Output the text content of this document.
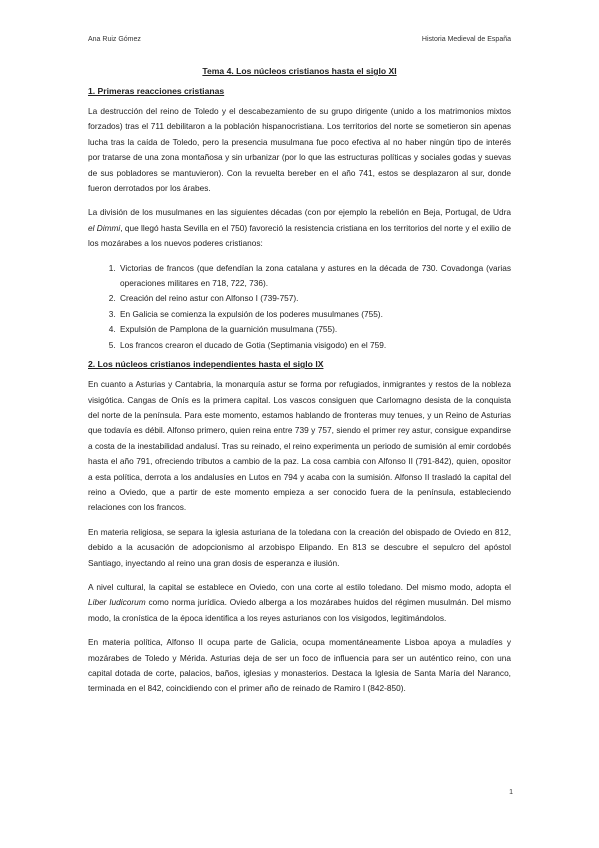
Ana Ruiz Gómez	Historia Medieval de España
Tema 4. Los núcleos cristianos hasta el siglo XI
1. Primeras reacciones cristianas

La destrucción del reino de Toledo y el descabezamiento de su grupo dirigente (unido a los matrimonios mixtos forzados) tras el 711 debilitaron a la población hispanocristiana. Los territorios del norte se sometieron sin apenas lucha tras la caída de Toledo, pero la presencia musulmana fue poco efectiva al no haber ningún tipo de interés por tratarse de una zona montañosa y sin urbanizar (por lo que las estructuras políticas y sociales godas y suevas de sus pobladores se mantuvieron). Con la revuelta bereber en el año 741, estos se desplazaron al sur, donde fueron derrotados por los árabes.

La división de los musulmanes en las siguientes décadas (con por ejemplo la rebelión en Beja, Portugal, de Udra el Dimmi, que llegó hasta Sevilla en el 750) favoreció la resistencia cristiana en los territorios del norte y el exilio de los mozárabes a los nuevos poderes cristianos:

1. Victorias de francos (que defendían la zona catalana y astures en la década de 730. Covadonga (varias operaciones militares en 718, 722, 736).
2. Creación del reino astur con Alfonso I (739-757).
3. En Galicia se comienza la expulsión de los poderes musulmanes (755).
4. Expulsión de Pamplona de la guarnición musulmana (755).
5. Los francos crearon el ducado de Gotia (Septimania visigodo) en el 759.
2. Los núcleos cristianos independientes hasta el siglo IX

En cuanto a Asturias y Cantabria, la monarquía astur se forma por refugiados, inmigrantes y restos de la nobleza visigótica. Cangas de Onís es la primera capital. Los vascos consiguen que Carlomagno desista de la conquista del norte de la península. Para este momento, estamos hablando de fronteras muy tenues, y un Reino de Asturias que todavía es débil. Alfonso primero, quien reina entre 739 y 757, siendo el primer rey astur, consigue expandirse a costa de la inestabilidad andalusí. Tras su reinado, el reino experimenta un periodo de sumisión al emir cordobés hasta el año 791, ofreciendo tributos a cambio de la paz. La cosa cambia con Alfonso II (791-842), quien, opositor a esta política, derrota a los andalusíes en Lutos en 794 y acaba con la sumisión. Alfonso II trasladó la capital del reino a Oviedo, que a partir de este momento empieza a ser conocido fuera de la península, estableciendo relaciones con los francos.

En materia religiosa, se separa la iglesia asturiana de la toledana con la creación del obispado de Oviedo en 812, debido a la acusación de adopcionismo al arzobispo Elipando. En 813 se descubre el sepulcro del apóstol Santiago, inyectando al reino una gran dosis de esperanza e ilusión.

A nivel cultural, la capital se establece en Oviedo, con una corte al estilo toledano. Del mismo modo, adopta el Liber Iudicorum como norma jurídica. Oviedo alberga a los mozárabes huidos del régimen musulmán. Del mismo modo, la cronística de la época identifica a los reyes asturianos con los visigodos, legitimándolos.

En materia política, Alfonso II ocupa parte de Galicia, ocupa momentáneamente Lisboa apoya a muladíes y mozárabes de Toledo y Mérida. Asturias deja de ser un foco de influencia para ser un auténtico reino, con una capital dotada de corte, palacios, baños, iglesias y monasterios. Destaca la Iglesia de Santa María del Naranco, terminada en el 842, coincidiendo con el primer año de reinado de Ramiro I (842-850).

1
